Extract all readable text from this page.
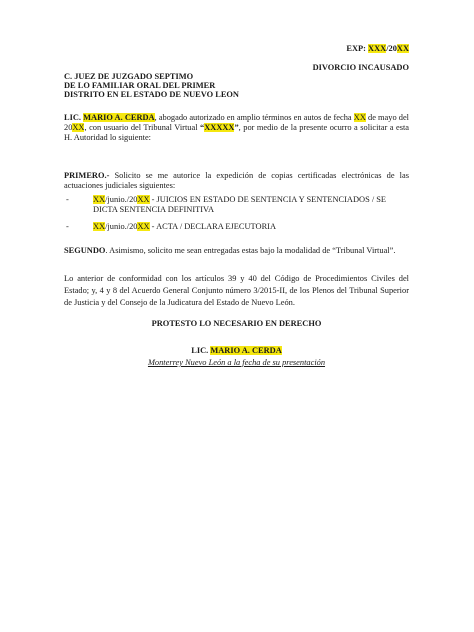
EXP: XXX/20XX
DIVORCIO INCAUSADO
C. JUEZ DE JUZGADO SEPTIMO
DE LO FAMILIAR ORAL DEL PRIMER
DISTRITO EN EL ESTADO DE NUEVO LEON
LIC. MARIO A. CERDA, abogado autorizado en amplio términos en autos de fecha XX de mayo del 20XX, con usuario del Tribunal Virtual “XXXXX”, por medio de la presente ocurro a solicitar a esta H. Autoridad lo siguiente:
PRIMERO.- Solicito se me autorice la expedición de copias certificadas electrónicas de las actuaciones judiciales siguientes:
-	XX/junio./20XX - JUICIOS EN ESTADO DE SENTENCIA Y SENTENCIADOS / SE DICTA SENTENCIA DEFINITIVA
-	XX/junio./20XX - ACTA / DECLARA EJECUTORIA
SEGUNDO. Asimismo, solicito me sean entregadas estas bajo la modalidad de “Tribunal Virtual”.
Lo anterior de conformidad con los artículos 39 y 40 del Código de Procedimientos Civiles del Estado; y, 4 y 8 del Acuerdo General Conjunto número 3/2015-II, de los Plenos del Tribunal Superior de Justicia y del Consejo de la Judicatura del Estado de Nuevo León.
PROTESTO LO NECESARIO EN DERECHO
LIC. MARIO A. CERDA
Monterrey Nuevo León a la fecha de su presentación
